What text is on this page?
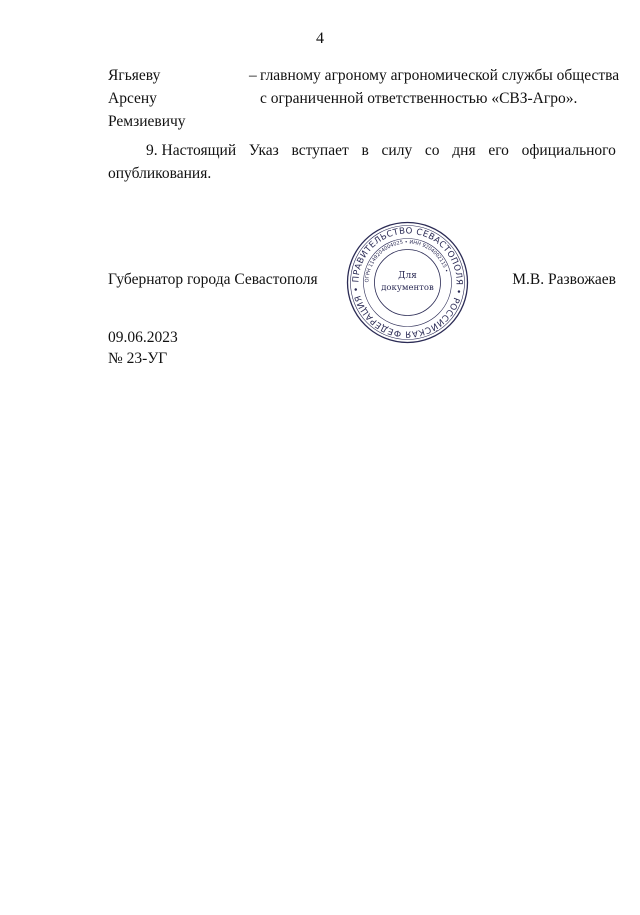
4
Ягьяеву
Арсену
Ремзиевичу
– главному агроному агрономической службы общества
с ограниченной ответственностью «СВЗ-Агро».
9. Настоящий Указ вступает в силу со дня его официального
опубликования.
Губернатор города Севастополя	М.В. Развожаев
ПРАВИТЕЛЬСТВО СЕВАСТОПОЛЯ • РОССИЙСКАЯ ФЕДЕРАЦИЯ •
ОГРН 1149204004025 • ИНН 9204002115 •
Для
документов
09.06.2023
№ 23-УГ
